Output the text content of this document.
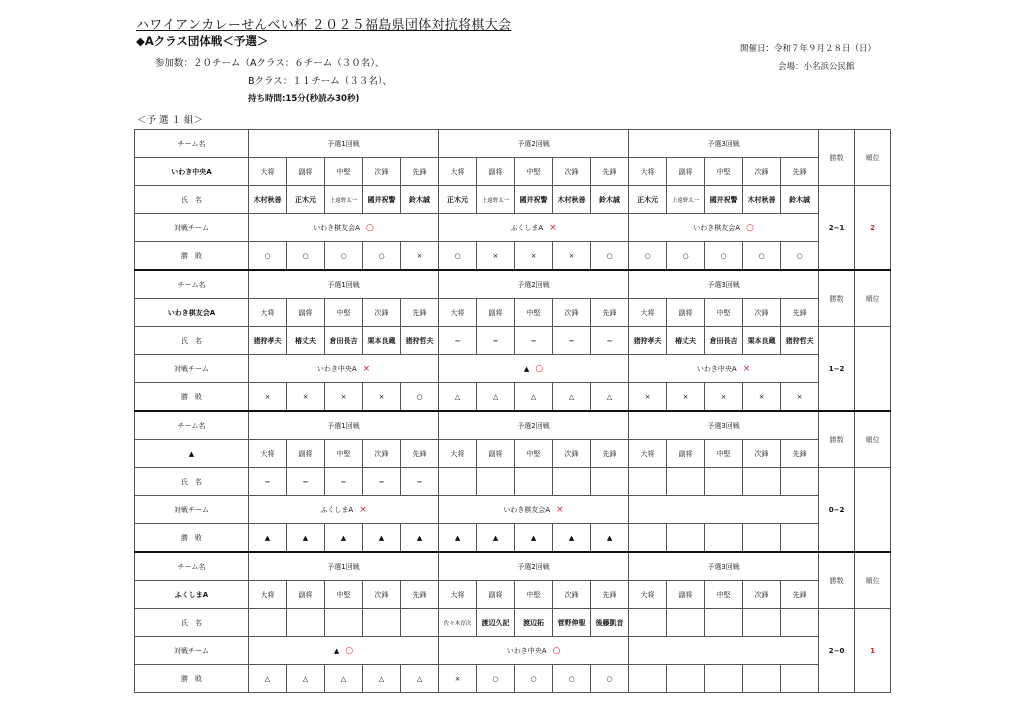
ハワイアンカレーせんべい杯 ２０２５福島県団体対抗将棋大会
◆Aクラス団体戦＜予選＞
参加数：２０チーム（Aクラス：６チーム（３０名）、
Bクラス：１１チーム（３３名）、
持ち時間:15分(秒読み30秒)
開催日：令和７年９月２８日（日）
会場：小名浜公民館
＜予 選 １ 組＞
チーム名	予選1回戦					予選2回戦					予選3回戦					勝数	順位
いわき中央A	大将	副将	中堅	次鋒	先鋒	大将	副将	中堅	次鋒	先鋒	大将	副将	中堅	次鋒	先鋒		
氏　名	木村秋善	正木元	上遠野太一	國井祝警	鈴木誠	正木元	上遠野太一	國井祝警	木村秋善	鈴木誠	正木元	上遠野太一	國井祝警	木村秋善	鈴木誠	2−1	2
対戦チーム	いわき棋友会A ○					ふくしまA ×					いわき棋友会A ○						
勝　敗	○	○	○	○	×	○	×	×	×	○	○	○	○	○	○		
チーム名	予選1回戦					予選2回戦					予選3回戦					勝数	順位
いわき棋友会A	大将	副将	中堅	次鋒	先鋒	大将	副将	中堅	次鋒	先鋒	大将	副将	中堅	次鋒	先鋒		
氏　名	猪狩孝夫	椿丈夫	倉田長吉	栗本良蔵	猪狩哲夫	−	−	−	−	−	猪狩孝夫	椿丈夫	倉田長吉	栗本良蔵	猪狩哲夫	1−2	
対戦チーム	いわき中央A ×					▲ ○					いわき中央A ×						
勝　敗	×	×	×	×	○	△	△	△	△	△	×	×	×	×	×		
チーム名	予選1回戦					予選2回戦					予選3回戦					勝数	順位
▲	大将	副将	中堅	次鋒	先鋒	大将	副将	中堅	次鋒	先鋒	大将	副将	中堅	次鋒	先鋒		
氏　名	−	−	−	−	−											0−2	
対戦チーム	ふくしまA ×					いわき棋友会A ×											
勝　敗	▲	▲	▲	▲	▲	▲	▲	▲	▲	▲							
チーム名	予選1回戦					予選2回戦					予選3回戦					勝数	順位
ふくしまA	大将	副将	中堅	次鋒	先鋒	大将	副将	中堅	次鋒	先鋒	大将	副将	中堅	次鋒	先鋒		
氏　名						佐々木淳次	渡辺久記	渡辺拓	菅野伸聖	後藤凱音						2−0	1
対戦チーム	▲ ○					いわき中央A ○											
勝　敗	△	△	△	△	△	×	○	○	○	○							
